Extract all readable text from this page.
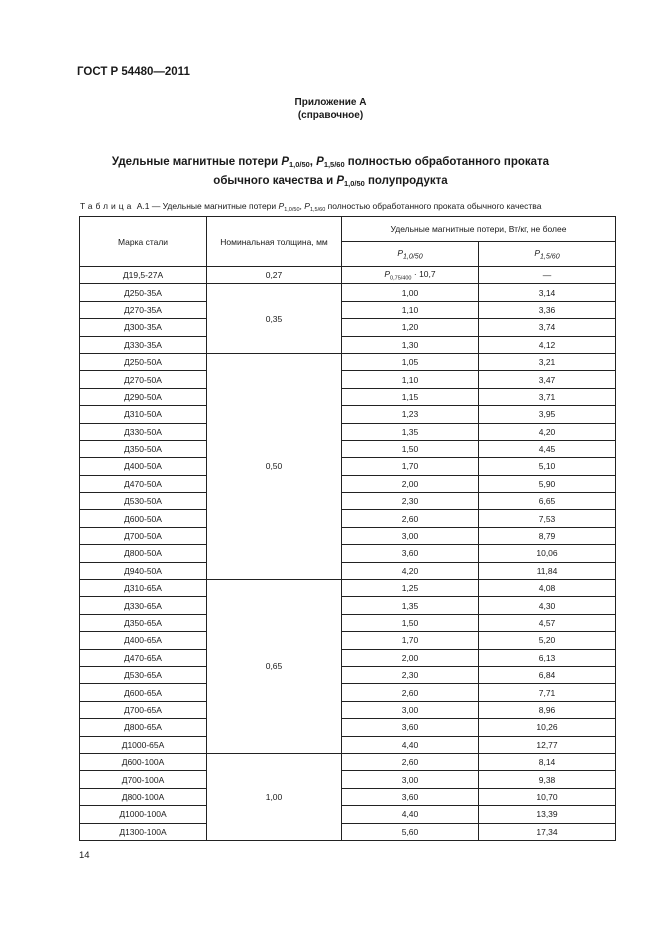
ГОСТ Р 54480—2011
Приложение А
(справочное)
Удельные магнитные потери $P_{1,0/50}$, $P_{1,5/60}$ полностью обработанного проката
обычного качества и $P_{1,0/50}$ полупродукта
Таблица А.1 — Удельные магнитные потери $P_{1,0/50}$, $P_{1,5/60}$ полностью обработанного проката обычного качества
Марка стали	Номинальная толщина, мм	Удельные магнитные потери, Вт/кг, не более	
		$P_{1,0/50}$	$P_{1,5/60}$
Д19,5-27А	0,27	$P_{0,75/400} \cdot 10,7$	—
Д250-35А	0,35	1,00	3,14
Д270-35А		1,10	3,36
Д300-35А		1,20	3,74
Д330-35А		1,30	4,12
Д250-50А	0,50	1,05	3,21
Д270-50А		1,10	3,47
Д290-50А		1,15	3,71
Д310-50А		1,23	3,95
Д330-50А		1,35	4,20
Д350-50А		1,50	4,45
Д400-50А		1,70	5,10
Д470-50А		2,00	5,90
Д530-50А		2,30	6,65
Д600-50А		2,60	7,53
Д700-50А		3,00	8,79
Д800-50А		3,60	10,06
Д940-50А		4,20	11,84
Д310-65А	0,65	1,25	4,08
Д330-65А		1,35	4,30
Д350-65А		1,50	4,57
Д400-65А		1,70	5,20
Д470-65А		2,00	6,13
Д530-65А		2,30	6,84
Д600-65А		2,60	7,71
Д700-65А		3,00	8,96
Д800-65А		3,60	10,26
Д1000-65А		4,40	12,77
Д600-100А	1,00	2,60	8,14
Д700-100А		3,00	9,38
Д800-100А		3,60	10,70
Д1000-100А		4,40	13,39
Д1300-100А		5,60	17,34
14
